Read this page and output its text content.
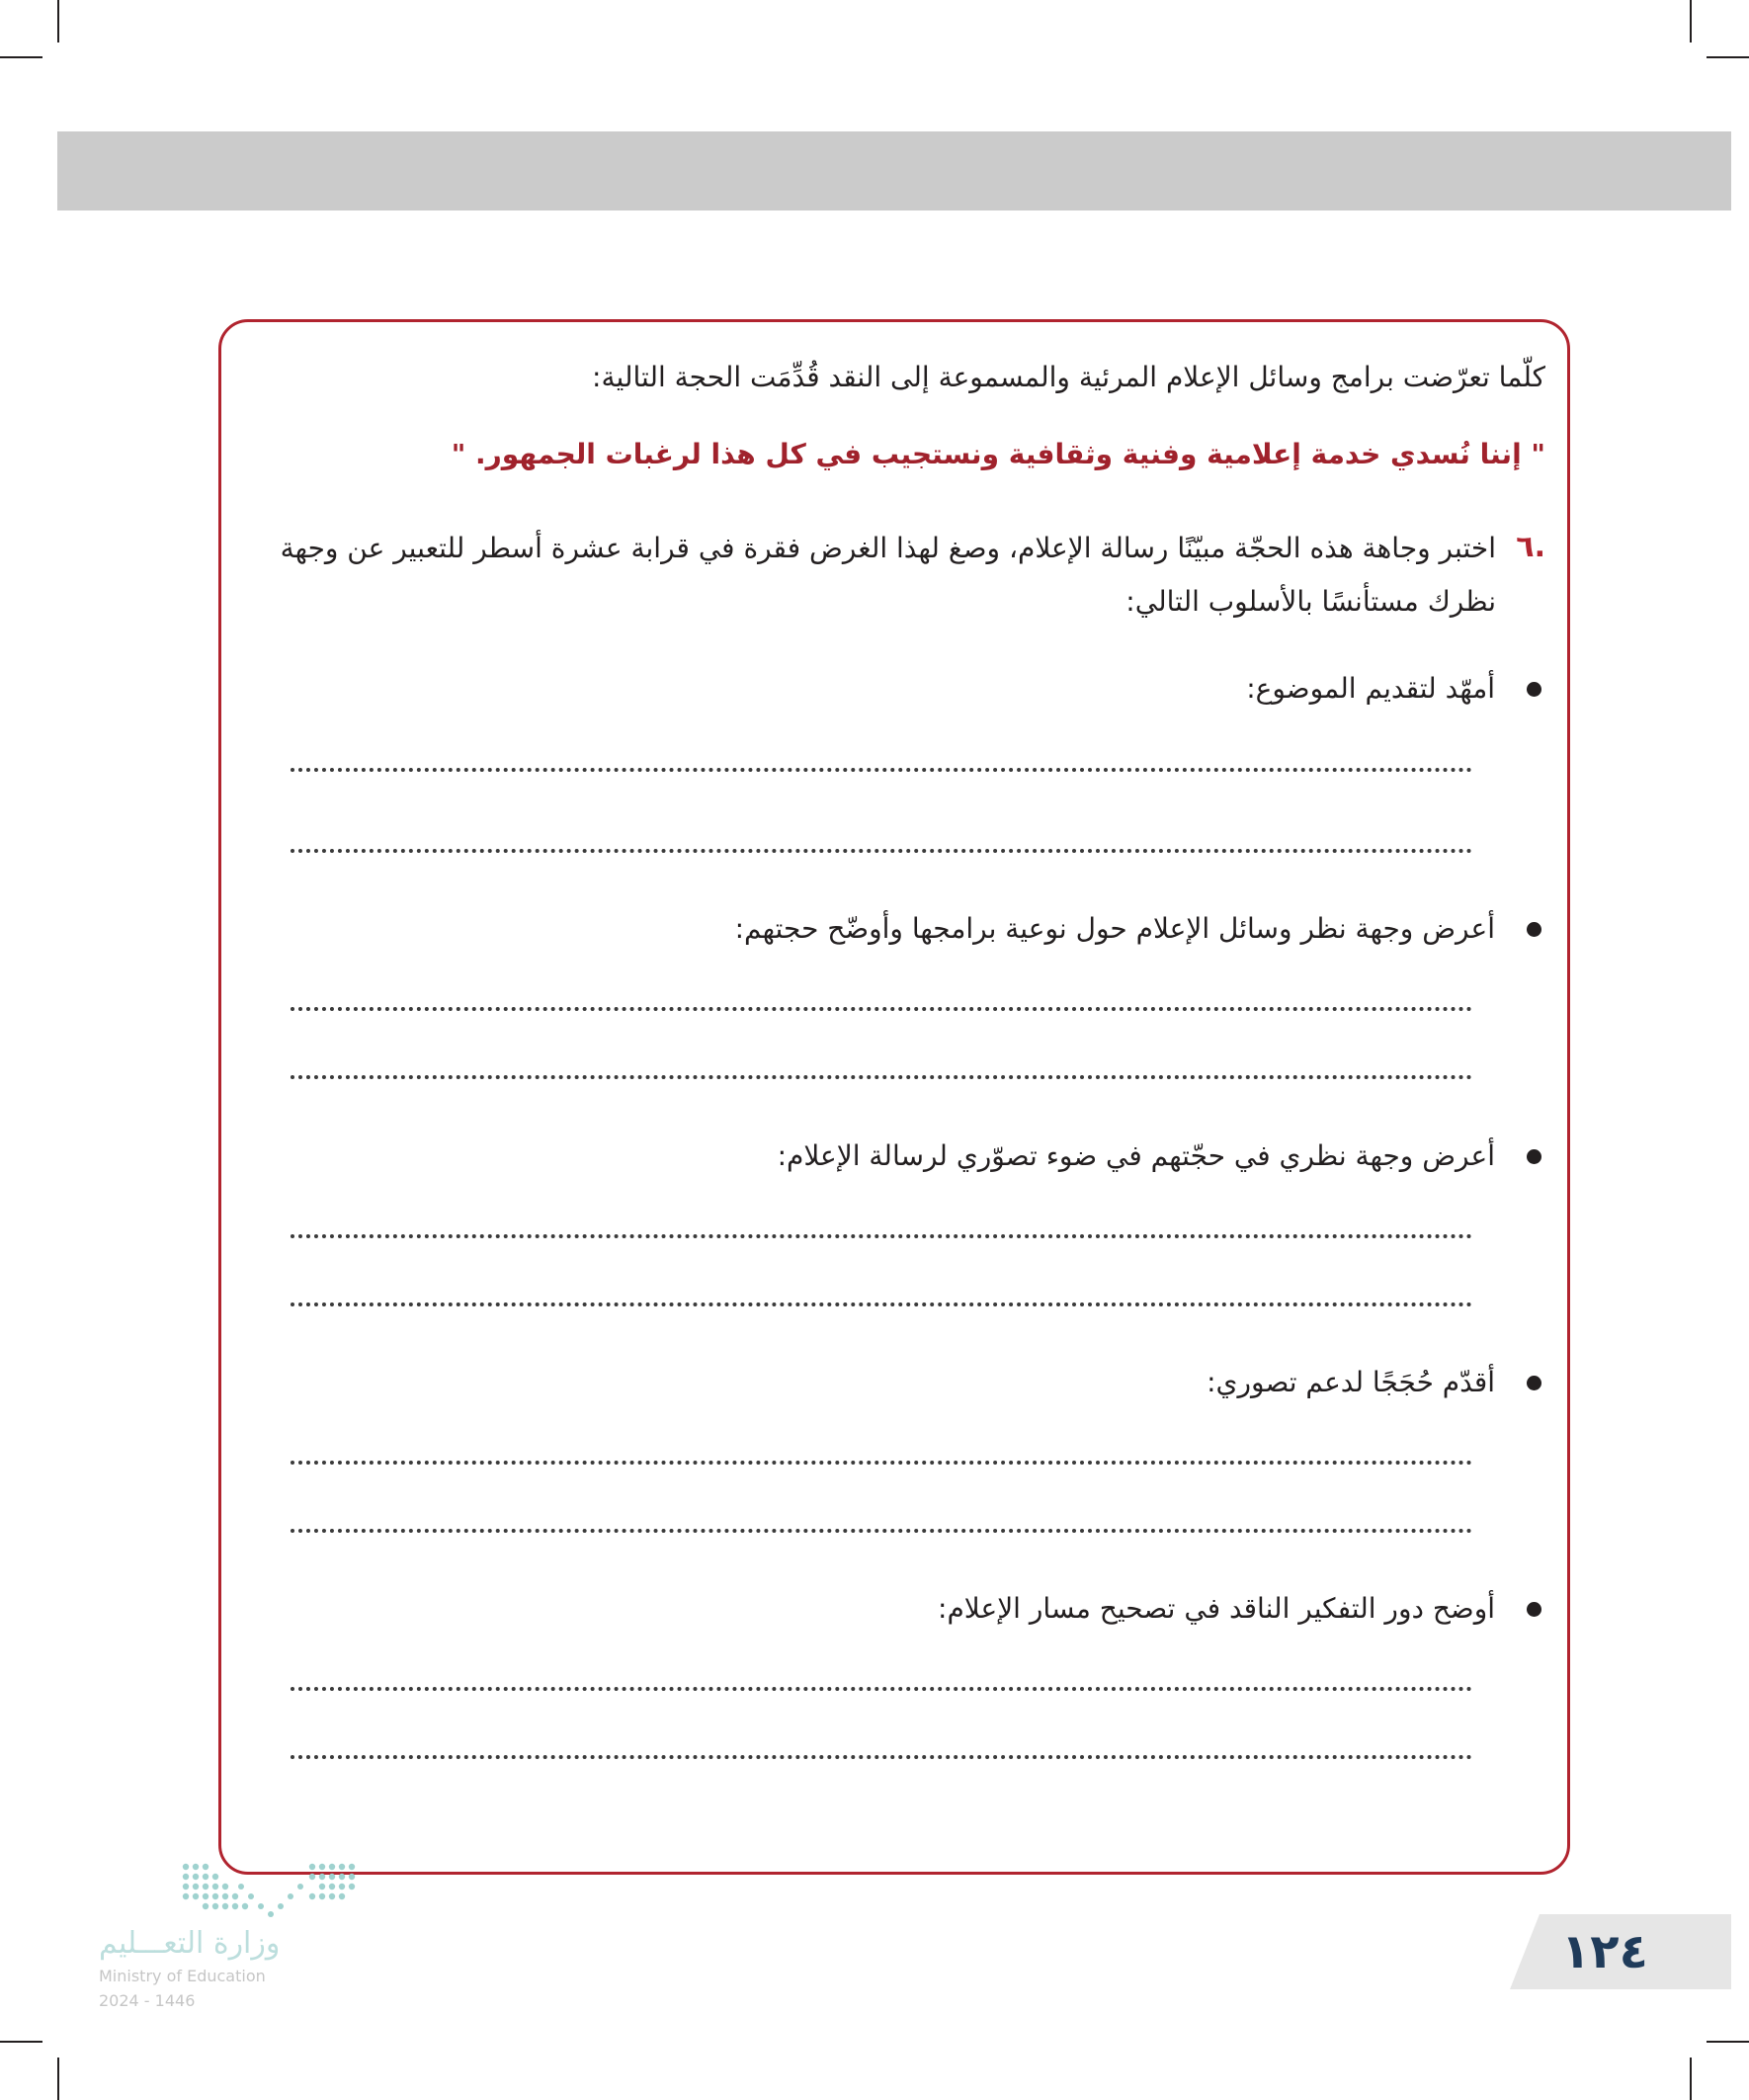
كلّما تعرّضت برامج وسائل الإعلام المرئية والمسموعة إلى النقد قُدِّمَت الحجة التالية:
" إننا نُسدي خدمة إعلامية وفنية وثقافية ونستجيب في كل هذا لرغبات الجمهور. "
٦.
اختبر وجاهة هذه الحجّة مبيّنًا رسالة الإعلام، وصغ لهذا الغرض فقرة في قرابة عشرة أسطر للتعبير عن وجهة نظرك مستأنسًا بالأسلوب التالي:
أمهّد لتقديم الموضوع:
أعرض وجهة نظر وسائل الإعلام حول نوعية برامجها وأوضّح حجتهم:
أعرض وجهة نظري في حجّتهم في ضوء تصوّري لرسالة الإعلام:
أقدّم حُجَجًا لدعم تصوري:
أوضح دور التفكير الناقد في تصحيح مسار الإعلام:
وزارة التعـــليم
Ministry of Education
2024 - 1446
١٢٤
